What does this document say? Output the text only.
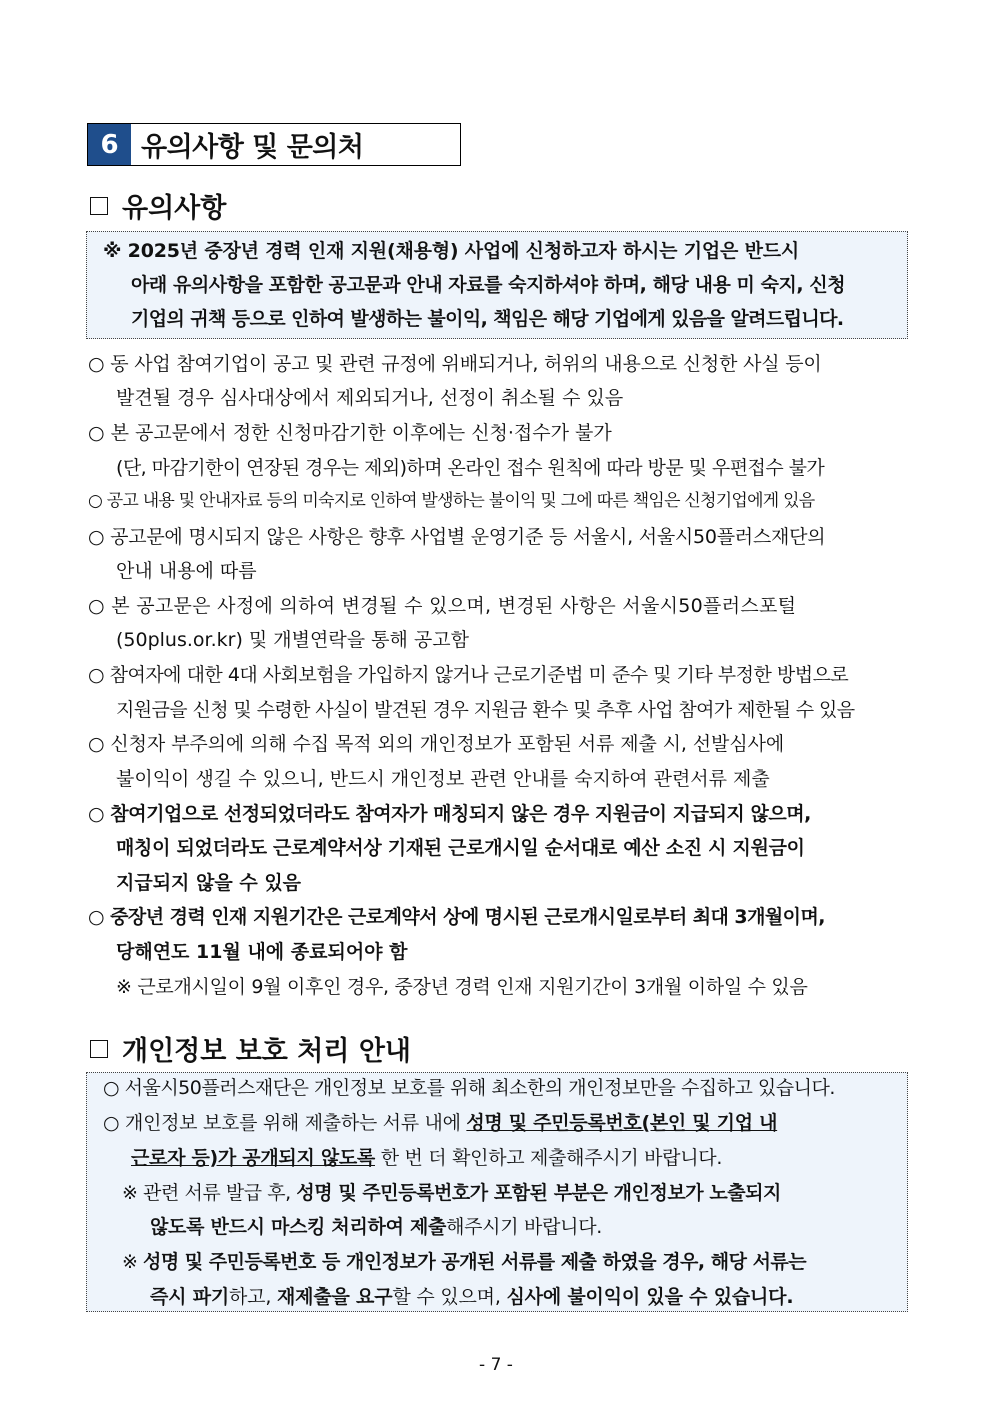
6 유의사항 및 문의처
유의사항
※ 2025년 중장년 경력 인재 지원(채용형) 사업에 신청하고자 하시는 기업은 반드시
아래 유의사항을 포함한 공고문과 안내 자료를 숙지하셔야 하며, 해당 내용 미 숙지, 신청
기업의 귀책 등으로 인하여 발생하는 불이익, 책임은 해당 기업에게 있음을 알려드립니다.
○ 동 사업 참여기업이 공고 및 관련 규정에 위배되거나, 허위의 내용으로 신청한 사실 등이
발견될 경우 심사대상에서 제외되거나, 선정이 취소될 수 있음
○ 본 공고문에서 정한 신청마감기한 이후에는 신청·접수가 불가
(단, 마감기한이 연장된 경우는 제외)하며 온라인 접수 원칙에 따라 방문 및 우편접수 불가
○ 공고 내용 및 안내자료 등의 미숙지로 인하여 발생하는 불이익 및 그에 따른 책임은 신청기업에게 있음
○ 공고문에 명시되지 않은 사항은 향후 사업별 운영기준 등 서울시, 서울시50플러스재단의
안내 내용에 따름
○ 본 공고문은 사정에 의하여 변경될 수 있으며, 변경된 사항은 서울시50플러스포털
(50plus.or.kr) 및 개별연락을 통해 공고함
○ 참여자에 대한 4대 사회보험을 가입하지 않거나 근로기준법 미 준수 및 기타 부정한 방법으로
지원금을 신청 및 수령한 사실이 발견된 경우 지원금 환수 및 추후 사업 참여가 제한될 수 있음
○ 신청자 부주의에 의해 수집 목적 외의 개인정보가 포함된 서류 제출 시, 선발심사에
불이익이 생길 수 있으니, 반드시 개인정보 관련 안내를 숙지하여 관련서류 제출
○ 참여기업으로 선정되었더라도 참여자가 매칭되지 않은 경우 지원금이 지급되지 않으며,
매칭이 되었더라도 근로계약서상 기재된 근로개시일 순서대로 예산 소진 시 지원금이
지급되지 않을 수 있음
○ 중장년 경력 인재 지원기간은 근로계약서 상에 명시된 근로개시일로부터 최대 3개월이며,
당해연도 11월 내에 종료되어야 함
※ 근로개시일이 9월 이후인 경우, 중장년 경력 인재 지원기간이 3개월 이하일 수 있음
개인정보 보호 처리 안내
○ 서울시50플러스재단은 개인정보 보호를 위해 최소한의 개인정보만을 수집하고 있습니다.
○ 개인정보 보호를 위해 제출하는 서류 내에 성명 및 주민등록번호(본인 및 기업 내
근로자 등)가 공개되지 않도록 한 번 더 확인하고 제출해주시기 바랍니다.
※ 관련 서류 발급 후, 성명 및 주민등록번호가 포함된 부분은 개인정보가 노출되지
않도록 반드시 마스킹 처리하여 제출해주시기 바랍니다.
※ 성명 및 주민등록번호 등 개인정보가 공개된 서류를 제출 하였을 경우, 해당 서류는
즉시 파기하고, 재제출을 요구할 수 있으며, 심사에 불이익이 있을 수 있습니다.
- 7 -
